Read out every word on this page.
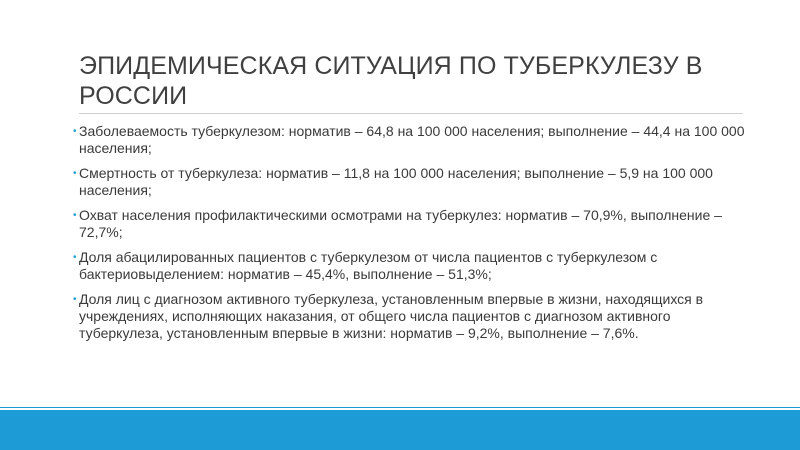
ЭПИДЕМИЧЕСКАЯ СИТУАЦИЯ ПО ТУБЕРКУЛЕЗУ В РОССИИ
• Заболеваемость туберкулезом: норматив – 64,8 на 100 000 населения; выполнение – 44,4 на 100 000 населения;
• Смертность от туберкулеза: норматив – 11,8 на 100 000 населения; выполнение – 5,9 на 100 000 населения;
• Охват населения профилактическими осмотрами на туберкулез: норматив – 70,9%, выполнение – 72,7%;
• Доля абацилированных пациентов с туберкулезом от числа пациентов с туберкулезом с бактериовыделением: норматив – 45,4%, выполнение – 51,3%;
• Доля лиц с диагнозом активного туберкулеза, установленным впервые в жизни, находящихся в учреждениях, исполняющих наказания, от общего числа пациентов с диагнозом активного туберкулеза, установленным впервые в жизни: норматив – 9,2%, выполнение – 7,6%.
